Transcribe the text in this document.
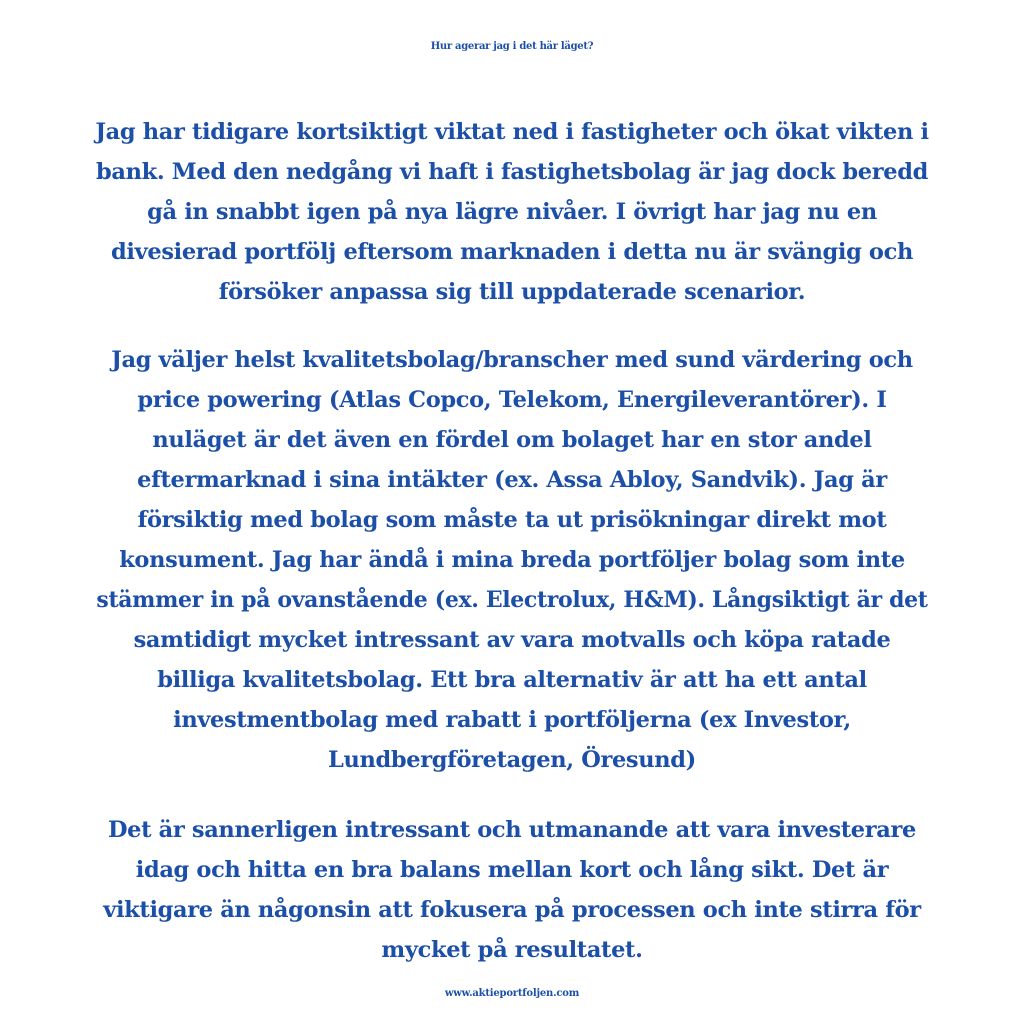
Hur agerar jag i det här läget?
Jag har tidigare kortsiktigt viktat ned i fastigheter och ökat vikten i
bank. Med den nedgång vi haft i fastighetsbolag är jag dock beredd
gå in snabbt igen på nya lägre nivåer. I övrigt har jag nu en
divesierad portfölj eftersom marknaden i detta nu är svängig och
försöker anpassa sig till uppdaterade scenarior.
Jag väljer helst kvalitetsbolag/branscher med sund värdering och
price powering (Atlas Copco, Telekom, Energileverantörer). I
nuläget är det även en fördel om bolaget har en stor andel
eftermarknad i sina intäkter (ex. Assa Abloy, Sandvik). Jag är
försiktig med bolag som måste ta ut prisökningar direkt mot
konsument. Jag har ändå i mina breda portföljer bolag som inte
stämmer in på ovanstående (ex. Electrolux, H&M). Långsiktigt är det
samtidigt mycket intressant av vara motvalls och köpa ratade
billiga kvalitetsbolag. Ett bra alternativ är att ha ett antal
investmentbolag med rabatt i portföljerna (ex Investor,
Lundbergföretagen, Öresund)
Det är sannerligen intressant och utmanande att vara investerare
idag och hitta en bra balans mellan kort och lång sikt. Det är
viktigare än någonsin att fokusera på processen och inte stirra för
mycket på resultatet.
www.aktieportfoljen.com
